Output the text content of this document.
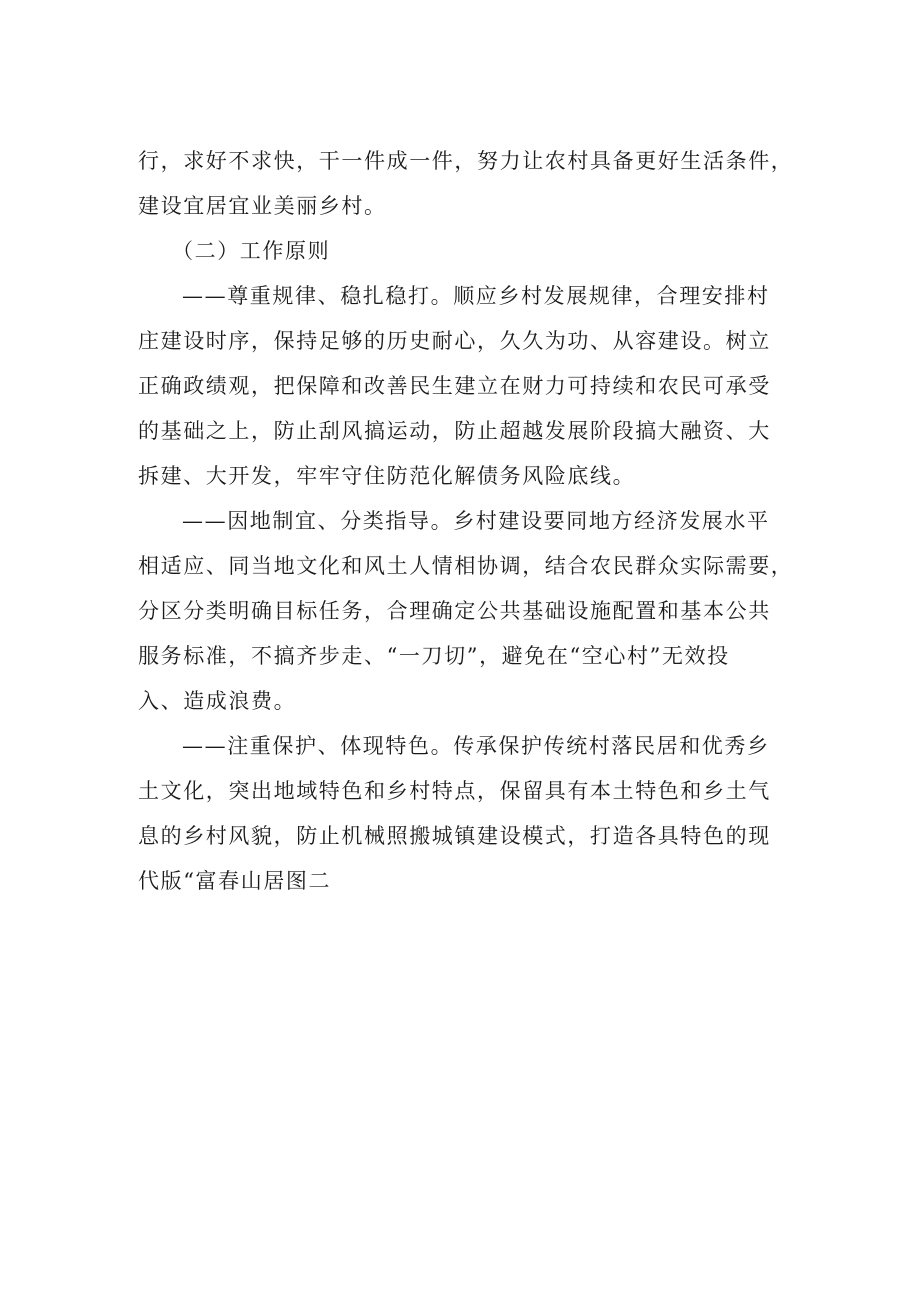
行，求好不求快，干一件成一件，努力让农村具备更好生活条件，
建设宜居宜业美丽乡村。
（二）工作原则
——尊重规律、稳扎稳打。顺应乡村发展规律，合理安排村
庄建设时序，保持足够的历史耐心，久久为功、从容建设。树立
正确政绩观，把保障和改善民生建立在财力可持续和农民可承受
的基础之上，防止刮风搞运动，防止超越发展阶段搞大融资、大
拆建、大开发，牢牢守住防范化解债务风险底线。
——因地制宜、分类指导。乡村建设要同地方经济发展水平
相适应、同当地文化和风土人情相协调，结合农民群众实际需要，
分区分类明确目标任务，合理确定公共基础设施配置和基本公共
服务标准，不搞齐步走、“一刀切”，避免在“空心村”无效投
入、造成浪费。
——注重保护、体现特色。传承保护传统村落民居和优秀乡
土文化，突出地域特色和乡村特点，保留具有本土特色和乡土气
息的乡村风貌，防止机械照搬城镇建设模式，打造各具特色的现
代版“富春山居图二
